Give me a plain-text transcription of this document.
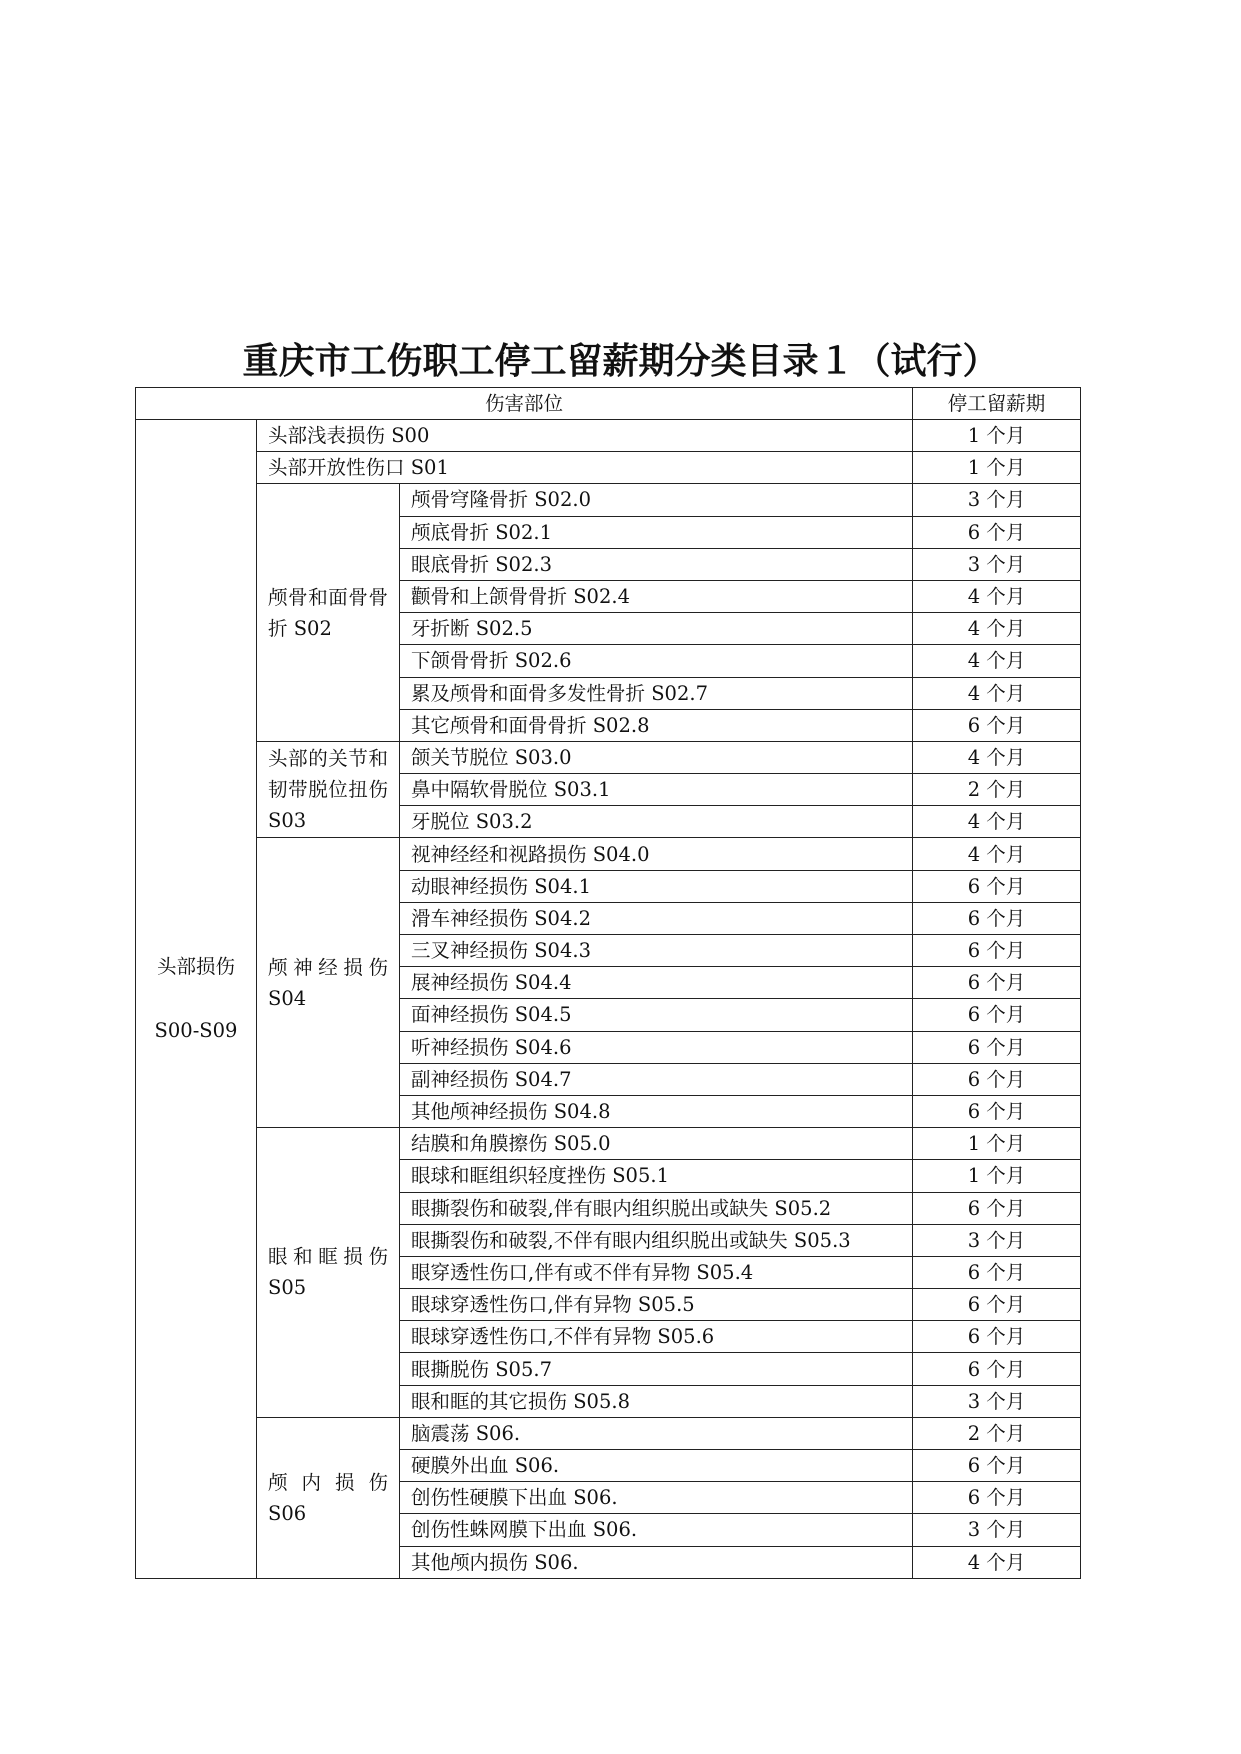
重庆市工伤职工停工留薪期分类目录１（试行）
伤害部位			停工留薪期

头部损伤
S00-S09	头部浅表损伤 S00		1 个月
	头部开放性伤口 S01		1 个月
	颅骨和面骨骨折 S02	颅骨穹隆骨折 S02.0	3 个月
		颅底骨折 S02.1	6 个月
		眼底骨折 S02.3	3 个月
		颧骨和上颌骨骨折 S02.4	4 个月
		牙折断 S02.5	4 个月
		下颌骨骨折 S02.6	4 个月
		累及颅骨和面骨多发性骨折 S02.7	4 个月
		其它颅骨和面骨骨折 S02.8	6 个月
	头部的关节和韧带脱位扭伤 S03	颌关节脱位 S03.0	4 个月
		鼻中隔软骨脱位 S03.1	2 个月
		牙脱位 S03.2	4 个月
	颅神经损伤 S04	视神经经和视路损伤 S04.0	4 个月
		动眼神经损伤 S04.1	6 个月
		滑车神经损伤 S04.2	6 个月
		三叉神经损伤 S04.3	6 个月
		展神经损伤 S04.4	6 个月
		面神经损伤 S04.5	6 个月
		听神经损伤 S04.6	6 个月
		副神经损伤 S04.7	6 个月
		其他颅神经损伤 S04.8	6 个月
	眼和眶损伤 S05	结膜和角膜擦伤 S05.0	1 个月
		眼球和眶组织轻度挫伤 S05.1	1 个月
		眼撕裂伤和破裂,伴有眼内组织脱出或缺失 S05.2	6 个月
		眼撕裂伤和破裂,不伴有眼内组织脱出或缺失 S05.3	3 个月
		眼穿透性伤口,伴有或不伴有异物 S05.4	6 个月
		眼球穿透性伤口,伴有异物 S05.5	6 个月
		眼球穿透性伤口,不伴有异物 S05.6	6 个月
		眼撕脱伤 S05.7	6 个月
		眼和眶的其它损伤 S05.8	3 个月
	颅内损伤 S06	脑震荡 S06.	2 个月
		硬膜外出血 S06.	6 个月
		创伤性硬膜下出血 S06.	6 个月
		创伤性蛛网膜下出血 S06.	3 个月
		其他颅内损伤 S06.	4 个月
